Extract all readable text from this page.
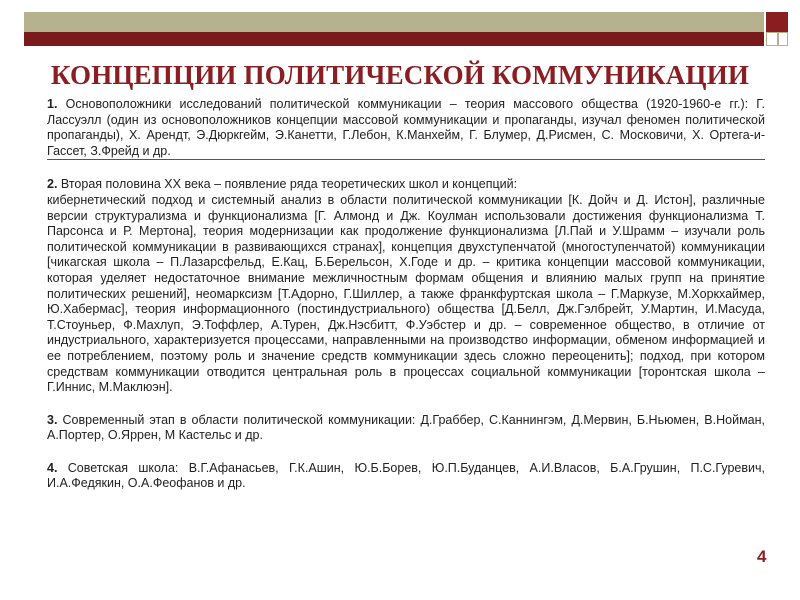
КОНЦЕПЦИИ ПОЛИТИЧЕСКОЙ КОММУНИКАЦИИ
1. Основоположники исследований политической коммуникации – теория массового общества (1920-1960-е гг.): Г. Лассуэлл (один из основоположников концепции массовой коммуникации и пропаганды, изучал феномен политической пропаганды), Х. Арендт, Э.Дюркгейм, Э.Канетти, Г.Лебон, К.Манхейм, Г. Блумер, Д.Рисмен, С. Московичи, Х. Ортега-и-Гассет, З.Фрейд и др.
2. Вторая половина ХХ века – появление ряда теоретических школ и концепций:
кибернетический подход и системный анализ в области политической коммуникации [К. Дойч и Д. Истон], различные версии структурализма и функционализма [Г. Алмонд и Дж. Коулман использовали достижения функционализма Т. Парсонса и Р. Мертона], теория модернизации как продолжение функционализма [Л.Пай и У.Шрамм – изучали роль политической коммуникации в развивающихся странах], концепция двухступенчатой (многоступенчатой) коммуникации [чикагская школа – П.Лазарсфельд, Е.Кац, Б.Берельсон, Х.Годе и др. – критика концепции массовой коммуникации, которая уделяет недостаточное внимание межличностным формам общения и влиянию малых групп на принятие политических решений], неомарксизм [Т.Адорно, Г.Шиллер, а также франкфуртская школа – Г.Маркузе, М.Хоркхаймер, Ю.Хабермас], теория информационного (постиндустриального) общества [Д.Белл, Дж.Гэлбрейт, У.Мартин, И.Масуда, Т.Стоуньер, Ф.Махлуп, Э.Тоффлер, А.Турен, Дж.Нэсбитт, Ф.Уэбстер и др. – современное общество, в отличие от индустриального, характеризуется процессами, направленными на производство информации, обменом информацией и ее потреблением, поэтому роль и значение средств коммуникации здесь сложно переоценить]; подход, при котором средствам коммуникации отводится центральная роль в процессах социальной коммуникации [торонтская школа – Г.Иннис, М.Маклюэн].
3. Современный этап в области политической коммуникации: Д.Граббер, С.Каннингэм, Д.Мервин, Б.Ньюмен, В.Нойман, А.Портер, О.Яррен, М Кастельс и др.
4. Советская школа: В.Г.Афанасьев, Г.К.Ашин, Ю.Б.Борев, Ю.П.Буданцев, А.И.Власов, Б.А.Грушин, П.С.Гуревич, И.А.Федякин, О.А.Феофанов и др.
4
